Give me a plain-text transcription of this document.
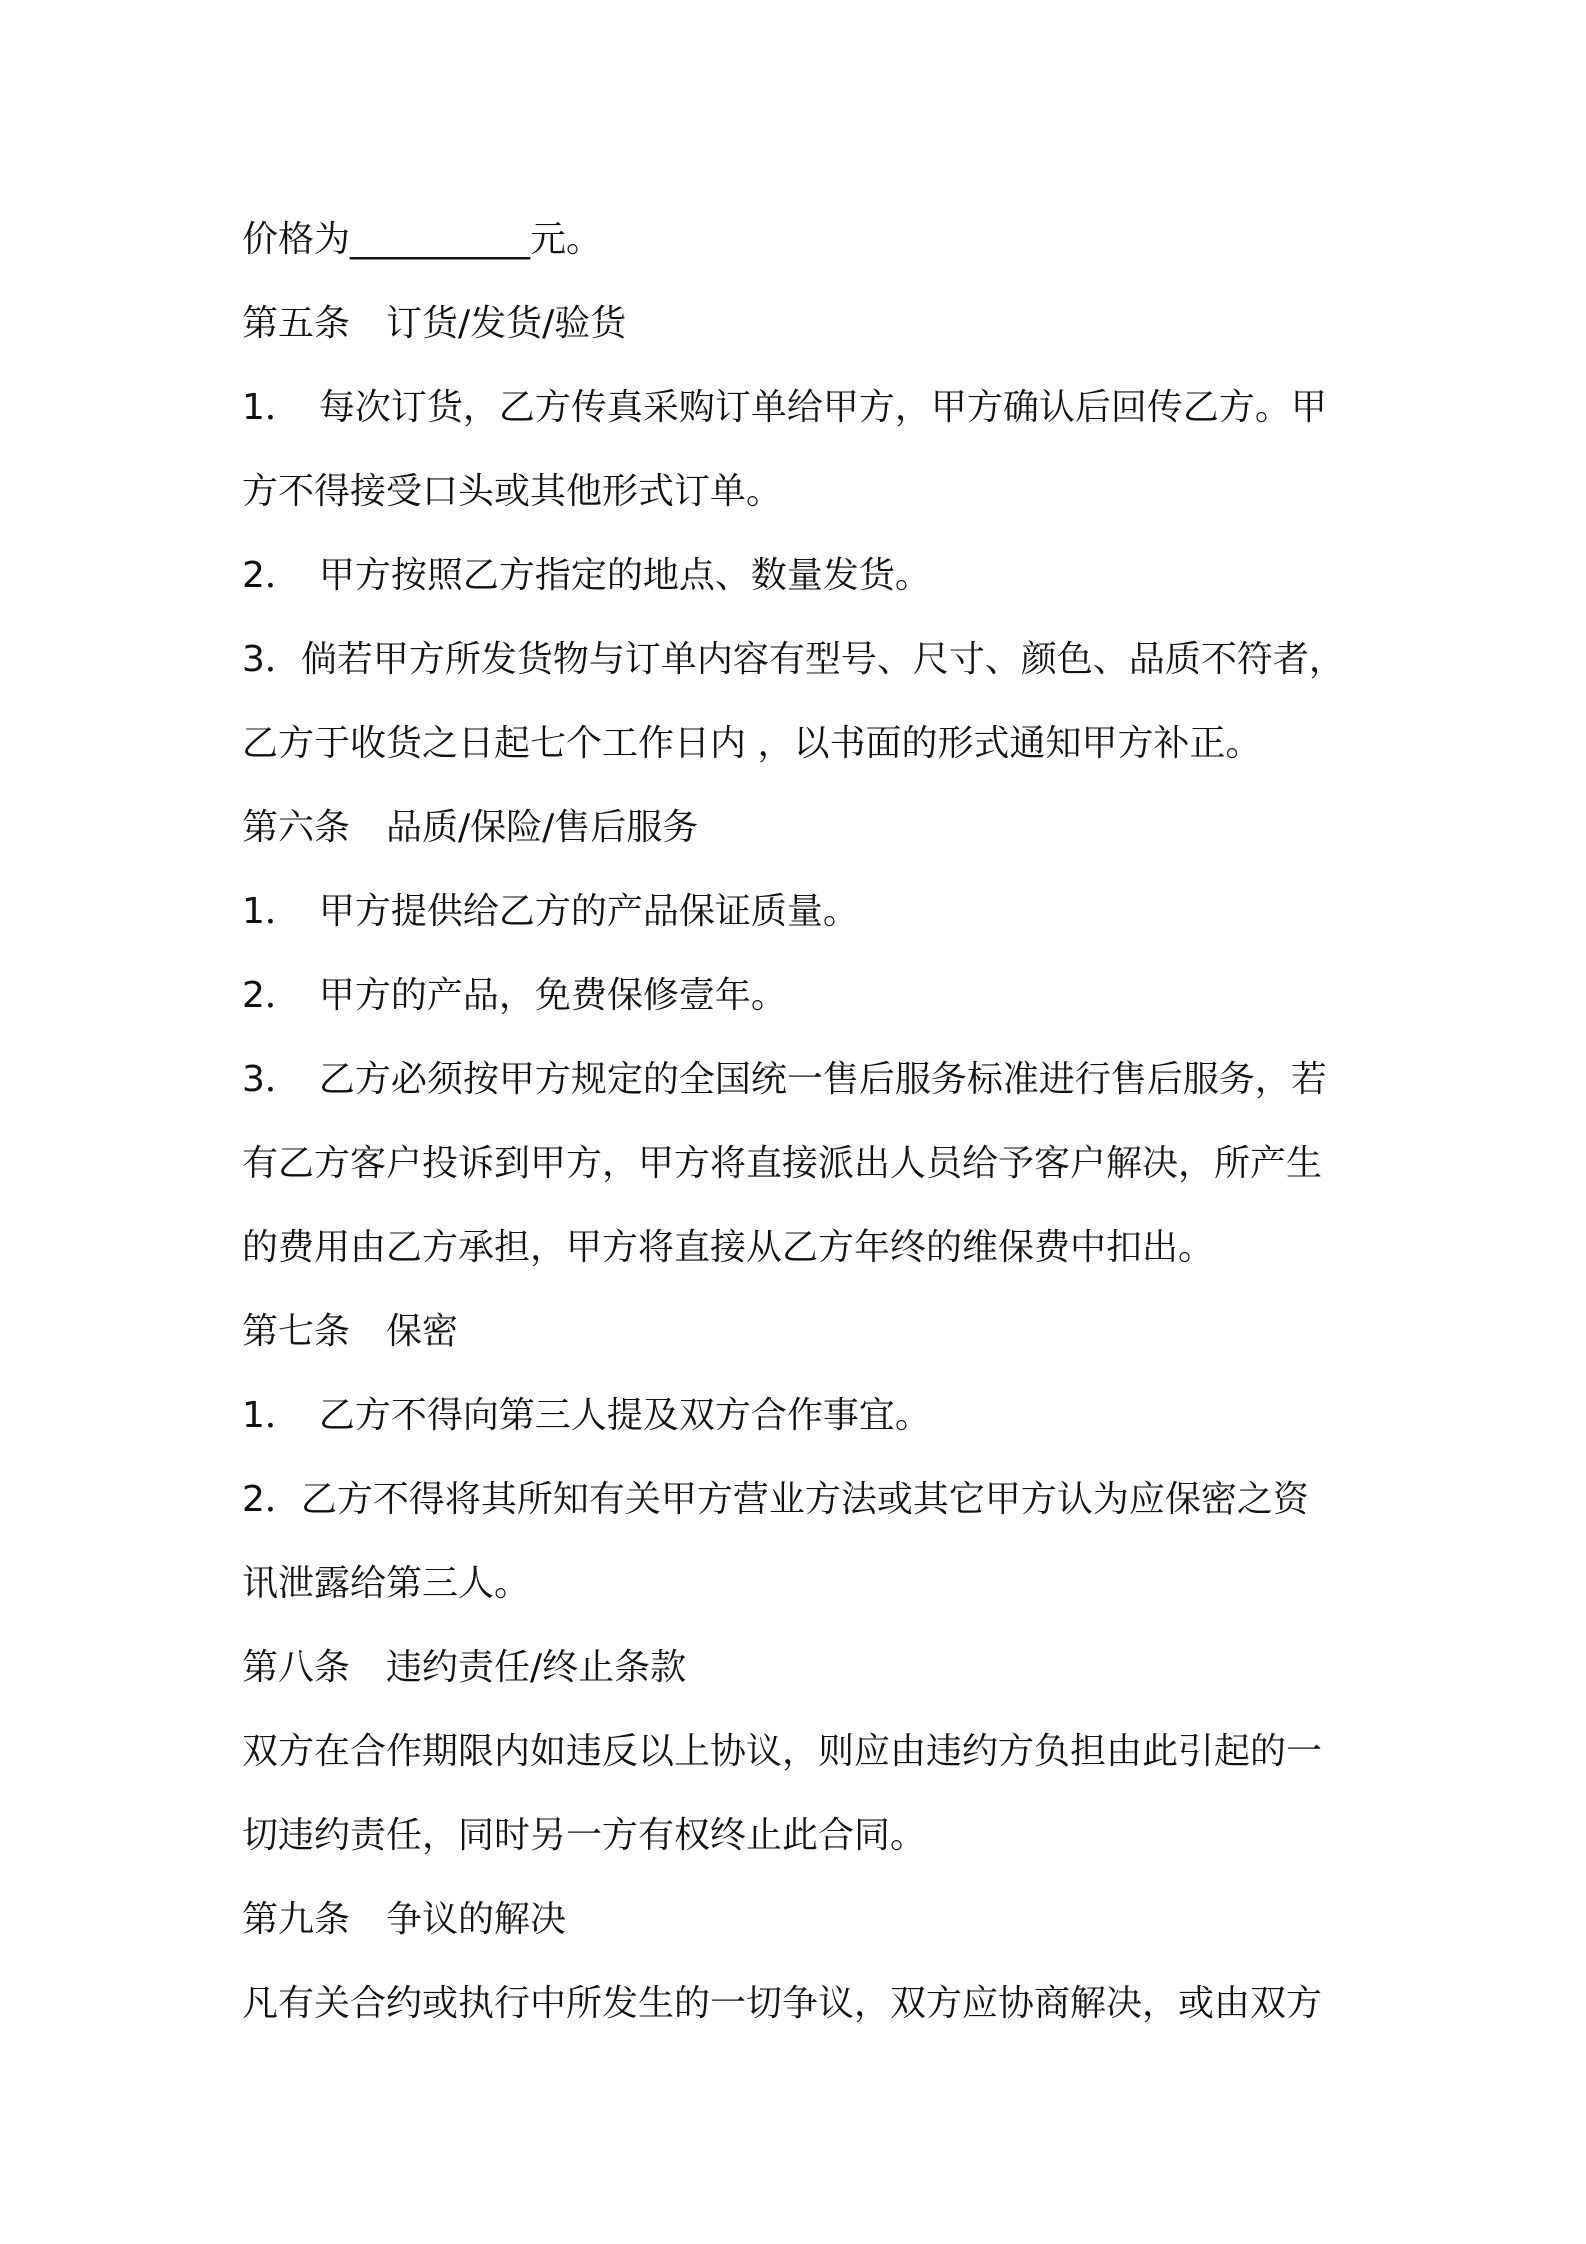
价格为__________元。
第五条　订货/发货/验货
1．　每次订货，乙方传真采购订单给甲方，甲方确认后回传乙方。甲
方不得接受口头或其他形式订单。
2．　甲方按照乙方指定的地点、数量发货。
3．倘若甲方所发货物与订单内容有型号、尺寸、颜色、品质不符者，
乙方于收货之日起七个工作日内 ，以书面的形式通知甲方补正。
第六条　品质/保险/售后服务
1．　甲方提供给乙方的产品保证质量。
2．　甲方的产品，免费保修壹年。
3．　乙方必须按甲方规定的全国统一售后服务标准进行售后服务，若
有乙方客户投诉到甲方，甲方将直接派出人员给予客户解决，所产生
的费用由乙方承担，甲方将直接从乙方年终的维保费中扣出。
第七条　保密
1．　乙方不得向第三人提及双方合作事宜。
2．乙方不得将其所知有关甲方营业方法或其它甲方认为应保密之资
讯泄露给第三人。
第八条　违约责任/终止条款
双方在合作期限内如违反以上协议，则应由违约方负担由此引起的一
切违约责任，同时另一方有权终止此合同。
第九条　争议的解决
凡有关合约或执行中所发生的一切争议，双方应协商解决，或由双方
